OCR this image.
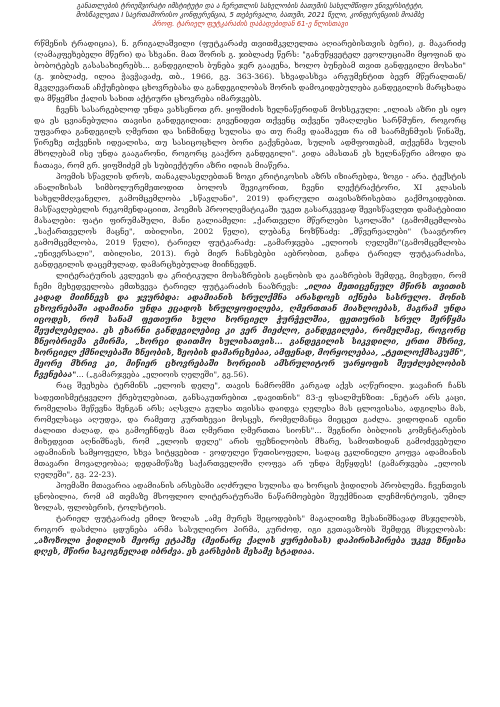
განათლების ტრიუმვირატი იმსტიტუტი და ა ჩერეთლის სახელობის ბათუმის სახელმწიფო უნივერსიტეტი,
მოსწავლეთა I საერთაშორისო კონფერენცია, 5 თებერვალი, ბათუმი, 2021 წელი, კონფერენციის მოამბე
პროფ. ტარიელ ფუტკარაძის დაბადებიდან 61-ე წლისთავი

რწმენის ტრადიცია), ნ. გრიგალაშვილი (ფუტკარაძე თვითმკვლელთა აღიარებისთვის ბერი), ჟ. მაკარიძე (ღამაჟფეხებელი მწერი) და სხვანი. მათ შორის გ. ჯიბლაძე წერს: "განუწყვეტელ ევოლუციაში მყოფიან და ბობოტებეს გასასახიერებს... განდეგილის ბუნება ჯერ გააჟენა, ხოლო ბუნებამ თვით განდეგილი მოსახი" (გ. ჯიბლაძე, ილია ჭავჭავაძე, თბ., 1966, გვ. 363-366). სხვადასხვა არგუმენტით ბევრ მწერალთან/მკვლევართან აჩქუჩებიდა ცხოვრებასა და განდეგილობას შორის დამოკიდებულება განდეგილის მარცხადა და მწყემსი ქალის სახით აქტიური ცხოვრება იმარჯვებს.

ჩვენს სასარგებლოდ უნდა ვახსენოთ გრ. ყიფშიძის ხელნაწერიდან მოხსეკული: „ილიას აზრი ეს იყო და ეს ცვიანებულია თავისი განდეგილით: გივენიდეთ თქვენც თქვენი უმაღლესი სარწმუნო, როგორც უფვარდა განდეგილს ღმერთი და სინმინდე სულისა და თუ რამე დააშავეთ რა იმ საარმენმუის წინაშე, წირეზე თქვენის იდეალისა, თუ სასიცოცხლო ბორი გაქვნებათ, სულის ადმფოთებამ, თქვენმა სულის მხოლებამ ისე უნდა გააგარონი, როგორც გააქრო განდეგილი". კიდა ამასთან ეს ხელნაწერი ამოდი და ჩათავა, რომ გრ. ყიფშიძემ ეს სუბიექტური აზრი იდიას მიაწერა.

პოემის სწავლის დროს, თანაკლასელებთან ზოგი კრიტიკოსის აზრს იზიარებდა, ზოგი - არა. ტექსტის ანალიზისას სიმბოლურემეთოდით ბოლოს შევიკორით, ჩვენი ლექტრაქტორი, XI კლასის სახელმძღვანელო, გამომცემლობა „სწავლანი", 2019) დარღული თავისაზრისებთა გაქმოკიდებით. მასწავლებელის რეკომენდაციით, პოემის პროოლემატიკაში უკეთ გასარკვევად შევისწავლეთ დამატებითი მასალები: ფატი ფირუმაშული, მანი გალიამელი: „ქართველი მწერლები სკოლაში" (გამომცემლობა „საქართველოს მაცნე", თბილისი, 2002 წელი), ლუბანკ ნოზწნაძე: „მწვერვალები" (საავტორო გამომცემლობა, 2019 წელი), ტარიელ ფუტკარაძე: „გამარჯვება „ელიოის ღელეში"(გამომცემლობა „უნივერსალი", თბილისი, 2013). რებ მიერ ჩანსებები აებრობით, გაჩდა ტარიელ ფუტკარაძისა, განდეგილის დაცემულად, დამარცხებულად მიიჩნევდნ.

ლიტერატურის კვლევის და კრიტიკული მოსაზრების გაცნობის და გააზრების შემდეგ, მივხვდი, რომ ჩემი მეხედველობა ემთხვევა ტარიელ ფუტკარაძის ნააზრევს: „ილია მეთიცენეულ მწირს თვითის კადად მიიჩნევს და ჯვურბდა: ადამიანის სრულქმნა არასდოეს იქნება სასრულო. მონის ცხოვრებაში ადამიანი უნდა ეცადოს სრულყოფილება, ღმერთთან მიახლოებას, მაგრამ უნდა იცოდეს, რომ სანამ ფეთიური სული ხორციელ ჭურჭელშია, ფეთიურის სრულ შერწყმა შეუძლებელია. ეს ეხარნი განდეგილებიც კი ვერ მიეძლო, განდეგილება, რომელმაც, როგორც ზნეობრივმა გმირმა, „ხორცი დაითმო სულისათვის... განდეგილის სიკვდილი, ერთი მხრივ, ხორციელ ქმნილებაში ზნეობის, ზეობის დამარცხებაა, ამფენად, მორყოლებაა, „ტეთლოქმსაკუმნ", მეორე მხრივ კი, მიწიერ ცხოვრებაში ხორციის ამსრულიტორ უარყოფის შეუძლებლობის ჩვენებაა"... („გამარჯვება „ელიოის ღელეში", გვ.56).

რაც შეეხება ტერმინს „ელოის დელე", თავის ნამრომში კარგად აქვს აღწერილი. ჯავაჩირ ჩანს სადეთისმეტყველო ქრებულებიათ, განსაკუთრებით „დავითნის" 83-ე ფსალმუნზით: „ნეტარ არს კაცი, რომელისა შეწევნა შენგან არს; აღსვლა გულსა თვისსა დაიდვა ღელესა მას ცლოვისასა, ადგილსა მას, რომელსაცა აღუდეა, და რამეთუ კურთხევაი მოსცეს, რომელმანცა მიეცეთ გაძლა. ვიდოდიან იგინი ძალითი ძალად, და გამოეჩნდეს მათ ღმერთი ღმერთთა სიონს"... შეგნირი ბიბლიის კომენტარების მიხედვით აღნიშნავს, რომ „ელოის დელე" არის ფეზნილობის მზარე, სამოთხიდან გამოძევებული ადამიანის სამყოფელი, სხვა სიტყვებით - ვოდულეი წუთისოფელი, სადაც ეკლინიელი კოფვა ადამიანის მთავარი მოვალეობაა; დედამიწაზე საქართველოში ღოფვა არ უნდა მეწყდეს! (გამარჯვება „ელოის ღელეში", გვ. 22-23).

პოემაში მთავარია ადამიანის არსებაში აღძრული სულისა და ხორცის ჭიდილის პრობლემა. ჩვენთვის ცნობილია, რომ ამ თემაზე მსოფლიო ლიტერატურაში ნაწარმოებები შეუქმნიათ ლეჩმონტოვის, უმილ ზოლას, ფლობერის, ტოლსტოის.

ტარიელ ფუტკარაძე ემილ ზოლას „ამე მურეს შეცოდების" მაგალითზე შესანიშნავად მსჯელობს, როგორ დასძლია ცდუნება არმა სასულიერო პირმა, კურძოდ, იგი გვთავაზობს შემდეგ მსჯელობას: „აზოზოლი ჭიდილის მეორე ეტაპზე (მეინარც ქალის ყურებისას) დაპირისპირება უკვე ზნეისა დღეს, მწირი საკოგნელად იბრძვა. ეს გარსების მესამე სტადიაა.
